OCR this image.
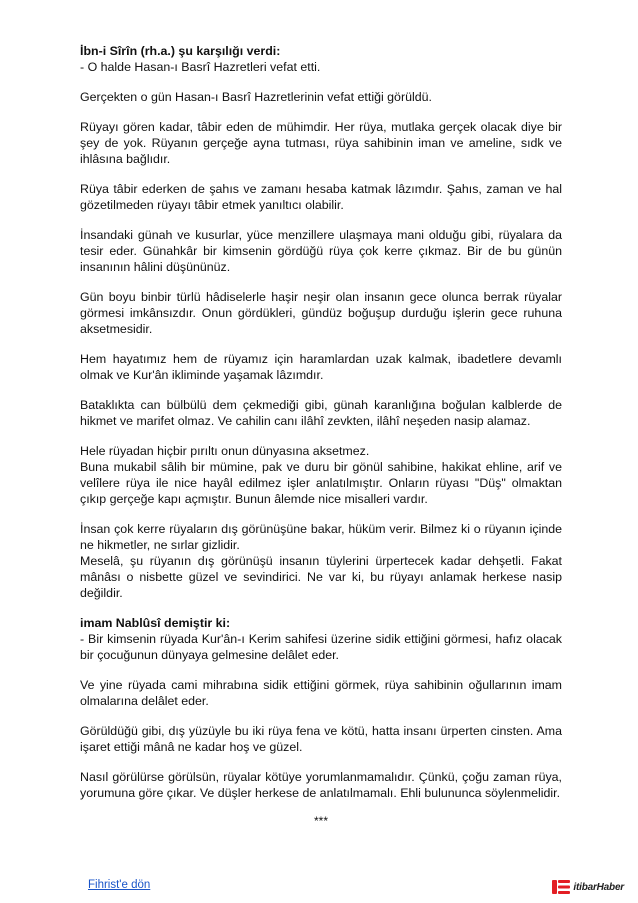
İbn-i Sîrîn (rh.a.) şu karşılığı verdi:
- O halde Hasan-ı Basrî Hazretleri vefat etti.

Gerçekten o gün Hasan-ı Basrî Hazretlerinin vefat ettiği görüldü.

Rüyayı gören kadar, tâbir eden de mühimdir. Her rüya, mutlaka gerçek olacak diye bir şey de yok. Rüyanın gerçeğe ayna tutması, rüya sahibinin iman ve ameline, sıdk ve ihlâsına bağlıdır.

Rüya tâbir ederken de şahıs ve zamanı hesaba katmak lâzımdır. Şahıs, zaman ve hal gözetilmeden rüyayı tâbir etmek yanıltıcı olabilir.

İnsandaki günah ve kusurlar, yüce menzillere ulaşmaya mani olduğu gibi, rüyalara da tesir eder. Günahkâr bir kimsenin gördüğü rüya çok kerre çıkmaz. Bir de bu günün insanının hâlini düşününüz.

Gün boyu binbir türlü hâdiselerle haşir neşir olan insanın gece olunca berrak rüyalar görmesi imkânsızdır. Onun gördükleri, gündüz boğuşup durduğu işlerin gece ruhuna aksetmesidir.

Hem hayatımız hem de rüyamız için haramlardan uzak kalmak, ibadetlere devamlı olmak ve Kur'ân ikliminde yaşamak lâzımdır.

Bataklıkta can bülbülü dem çekmediği gibi, günah karanlığına boğulan kalblerde de hikmet ve marifet olmaz. Ve cahilin canı ilâhî zevkten, ilâhî neşeden nasip alamaz.

Hele rüyadan hiçbir pırıltı onun dünyasına aksetmez.
Buna mukabil sâlih bir mümine, pak ve duru bir gönül sahibine, hakikat ehline, arif ve velîlere rüya ile nice hayâl edilmez işler anlatılmıştır. Onların rüyası "Düş" olmaktan çıkıp gerçeğe kapı açmıştır. Bunun âlemde nice misalleri vardır.

İnsan çok kerre rüyaların dış görünüşüne bakar, hüküm verir. Bilmez ki o rüyanın içinde ne hikmetler, ne sırlar gizlidir.
Meselâ, şu rüyanın dış görünüşü insanın tüylerini ürpertecek kadar dehşetli. Fakat mânâsı o nisbette güzel ve sevindirici. Ne var ki, bu rüyayı anlamak herkese nasip değildir.

imam Nablûsî demiştir ki:
- Bir kimsenin rüyada Kur'ân-ı Kerim sahifesi üzerine sidik ettiğini görmesi, hafız olacak bir çocuğunun dünyaya gelmesine delâlet eder.

Ve yine rüyada cami mihrabına sidik ettiğini görmek, rüya sahibinin oğullarının imam olmalarına delâlet eder.

Görüldüğü gibi, dış yüzüyle bu iki rüya fena ve kötü, hatta insanı ürperten cinsten. Ama işaret ettiği mânâ ne kadar hoş ve güzel.

Nasıl görülürse görülsün, rüyalar kötüye yorumlanmamalıdır. Çünkü, çoğu zaman rüya, yorumuna göre çıkar. Ve düşler herkese de anlatılmamalı. Ehli bulununca söylenmelidir.

***
Fihrist'e dön	itibarHaber
